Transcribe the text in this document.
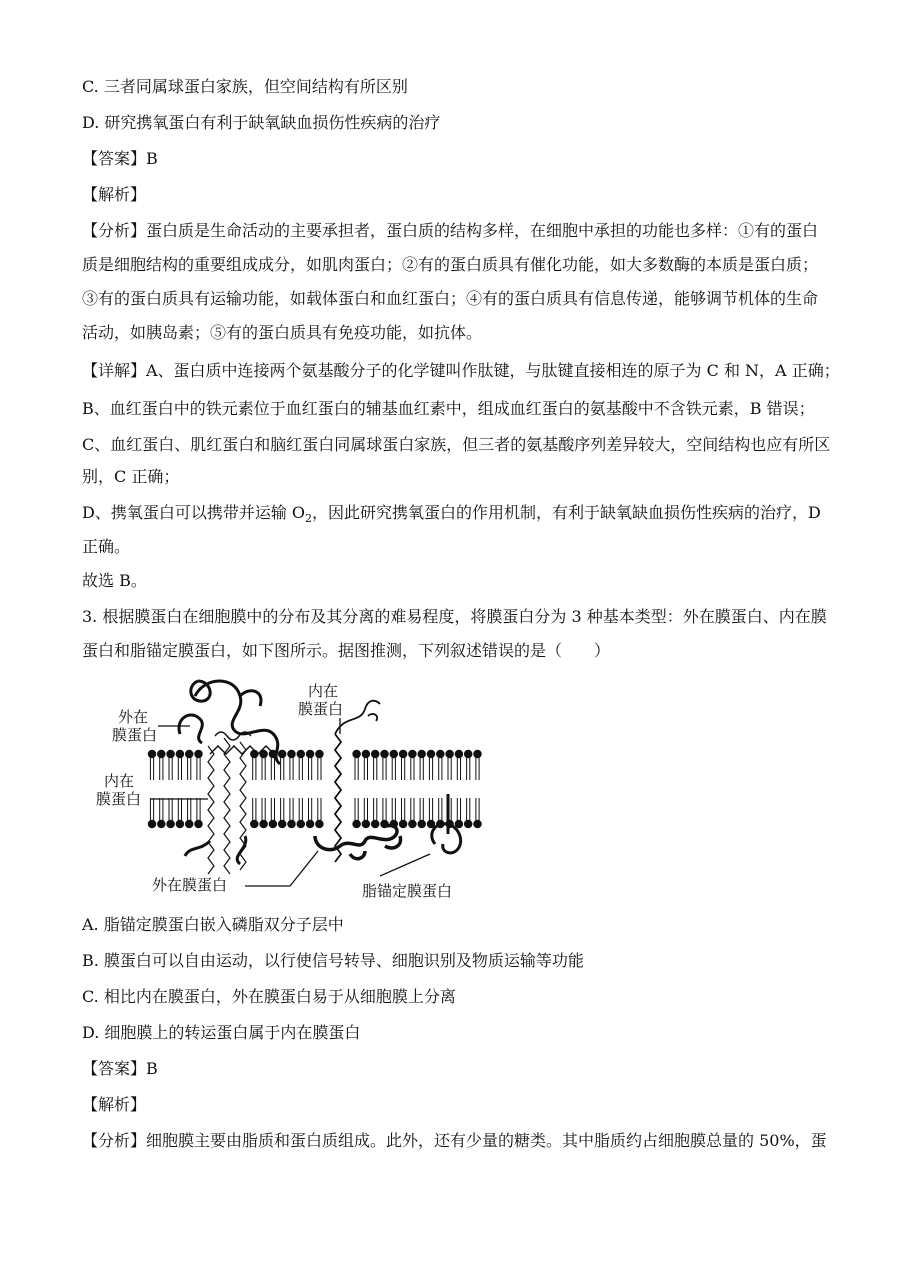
C. 三者同属球蛋白家族，但空间结构有所区别
D. 研究携氧蛋白有利于缺氧缺血损伤性疾病的治疗
【答案】B
【解析】
【分析】蛋白质是生命活动的主要承担者，蛋白质的结构多样，在细胞中承担的功能也多样：①有的蛋白
质是细胞结构的重要组成成分，如肌肉蛋白；②有的蛋白质具有催化功能，如大多数酶的本质是蛋白质；
③有的蛋白质具有运输功能，如载体蛋白和血红蛋白；④有的蛋白质具有信息传递，能够调节机体的生命
活动，如胰岛素；⑤有的蛋白质具有免疫功能，如抗体。
【详解】A、蛋白质中连接两个氨基酸分子的化学键叫作肽键，与肽键直接相连的原子为 C 和 N，A 正确；
B、血红蛋白中的铁元素位于血红蛋白的辅基血红素中，组成血红蛋白的氨基酸中不含铁元素，B 错误；
C、血红蛋白、肌红蛋白和脑红蛋白同属球蛋白家族，但三者的氨基酸序列差异较大，空间结构也应有所区
别，C 正确；
D、携氧蛋白可以携带并运输 $O_2$，因此研究携氧蛋白的作用机制，有利于缺氧缺血损伤性疾病的治疗，D
正确。
故选 B。
3. 根据膜蛋白在细胞膜中的分布及其分离的难易程度，将膜蛋白分为 3 种基本类型：外在膜蛋白、内在膜
蛋白和脂锚定膜蛋白，如下图所示。据图推测，下列叙述错误的是（　　）
外在
膜蛋白
内在
膜蛋白
内在
膜蛋白
外在膜蛋白	脂锚定膜蛋白
A. 脂锚定膜蛋白嵌入磷脂双分子层中
B. 膜蛋白可以自由运动，以行使信号转导、细胞识别及物质运输等功能
C. 相比内在膜蛋白，外在膜蛋白易于从细胞膜上分离
D. 细胞膜上的转运蛋白属于内在膜蛋白
【答案】B
【解析】
【分析】细胞膜主要由脂质和蛋白质组成。此外，还有少量的糖类。其中脂质约占细胞膜总量的 50%，蛋
